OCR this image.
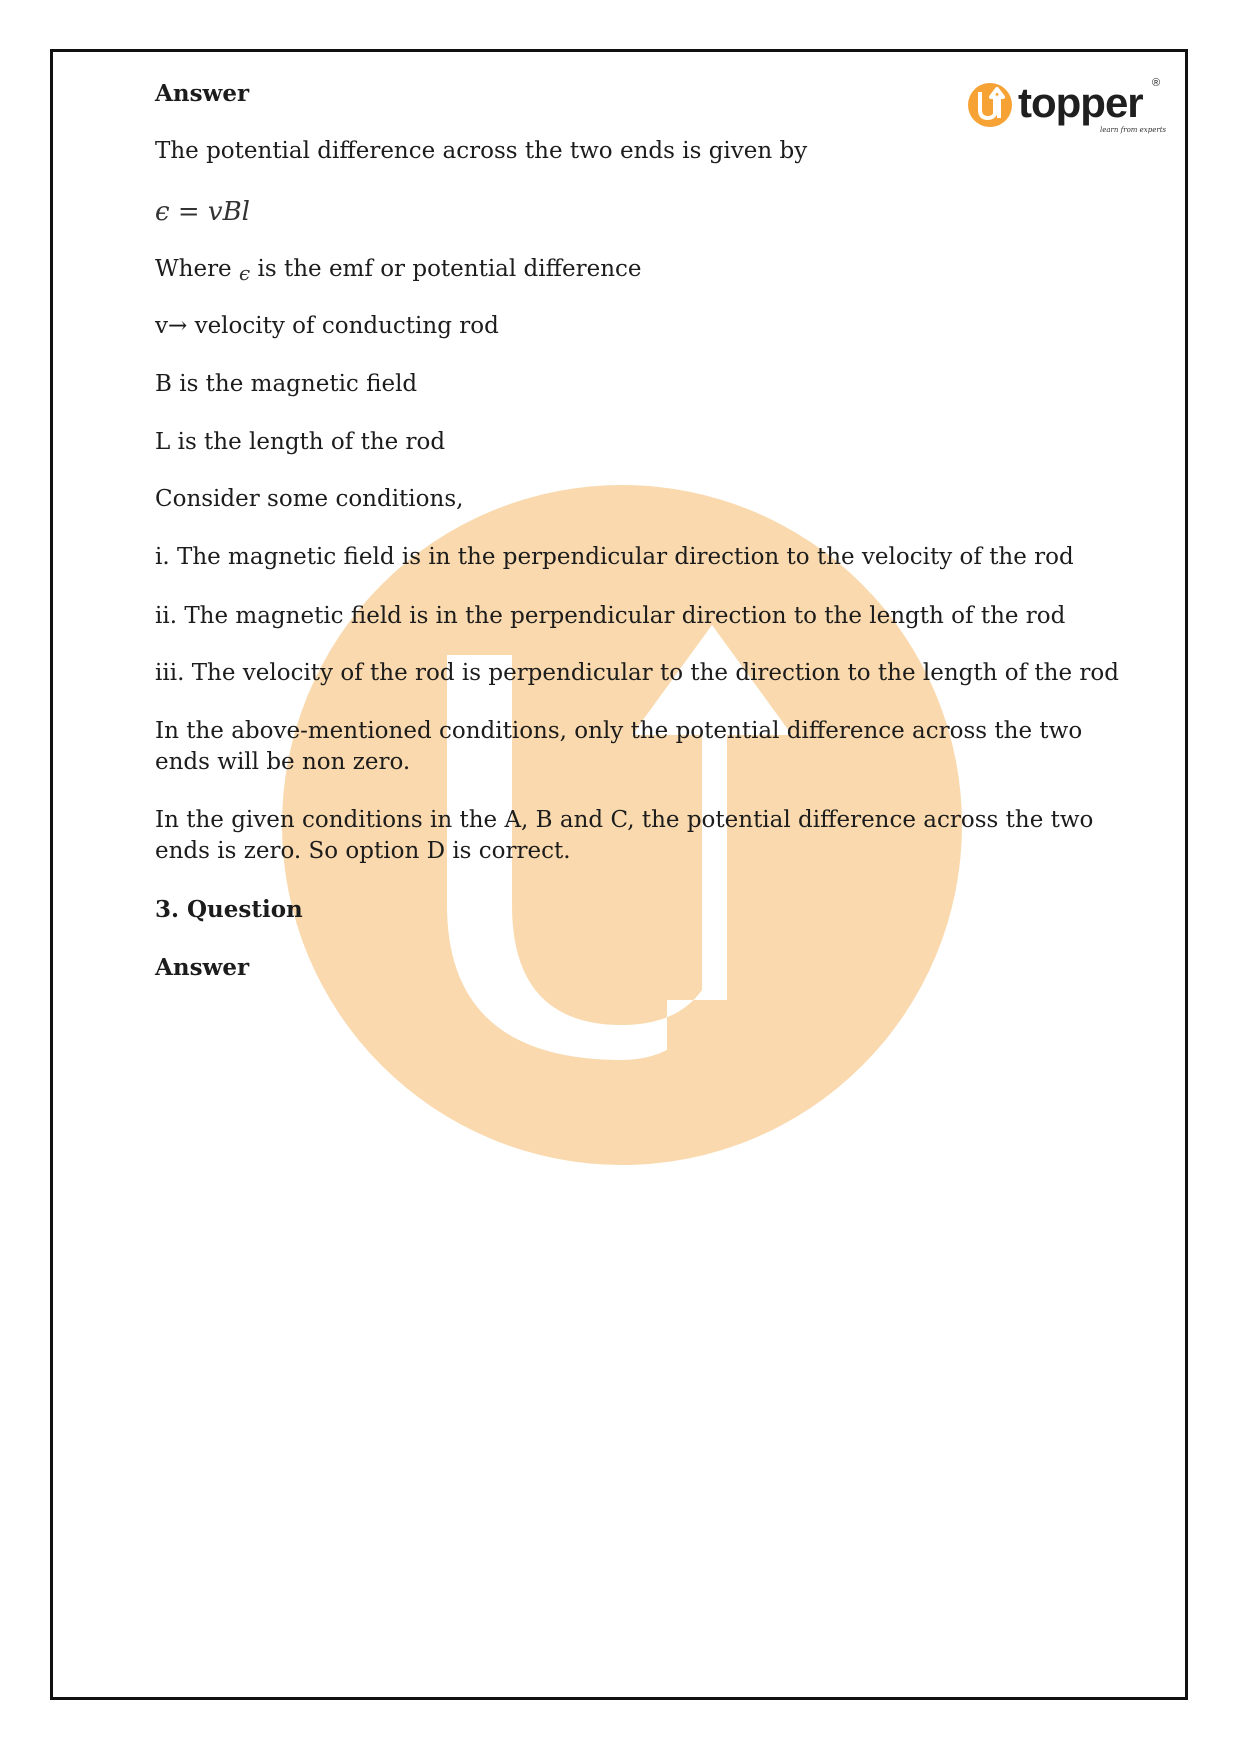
topper ®
learn from experts
Answer
The potential difference across the two ends is given by
ϵ = vBl
Where ϵ is the emf or potential difference
v→ velocity of conducting rod
B is the magnetic field
L is the length of the rod
Consider some conditions,
i. The magnetic field is in the perpendicular direction to the velocity of the rod
ii. The magnetic field is in the perpendicular direction to the length of the rod
iii. The velocity of the rod is perpendicular to the direction to the length of the rod
In the above-mentioned conditions, only the potential difference across the two
ends will be non zero.
In the given conditions in the A, B and C, the potential difference across the two
ends is zero. So option D is correct.
3. Question
Answer
